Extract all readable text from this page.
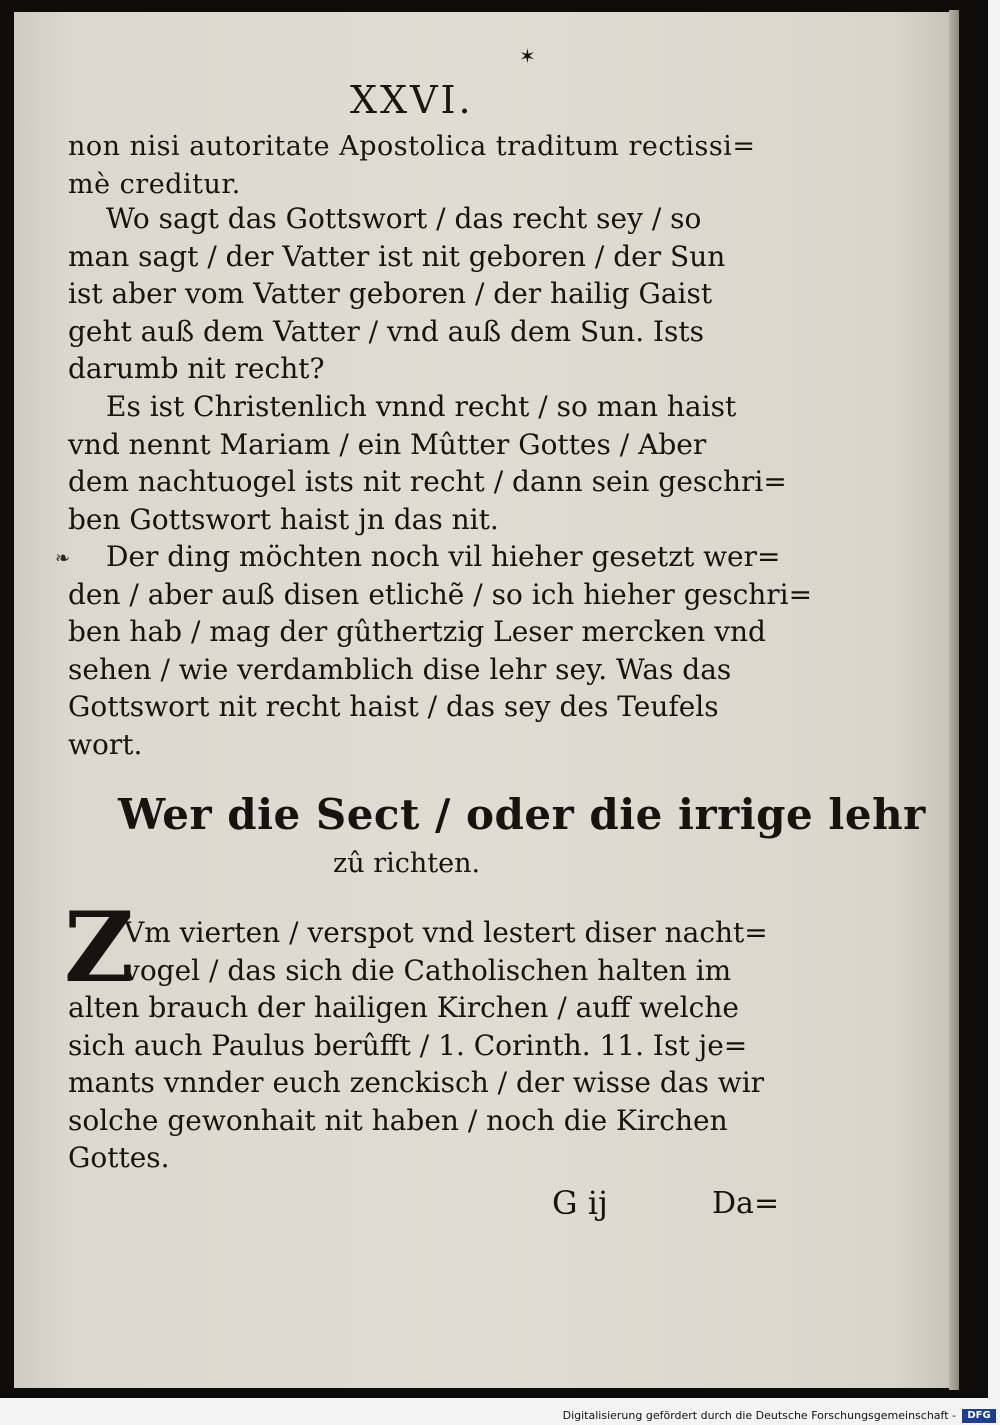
✶
XXVI.
non nisi autoritate Apostolica traditum rectissi=
mè creditur.
Wo sagt das Gottswort / das recht sey / so
man sagt / der Vatter ist nit geboren / der Sun
ist aber vom Vatter geboren / der hailig Gaist
geht auß dem Vatter / vnd auß dem Sun. Ists
darumb nit recht?
Es ist Christenlich vnnd recht / so man haist
vnd nennt Mariam / ein Mûtter Gottes / Aber
dem nachtuogel ists nit recht / dann sein geschri=
ben Gottswort haist jn das nit.
❧	Der ding möchten noch vil hieher gesetzt wer=
den / aber auß disen etlichẽ / so ich hieher geschri=
ben hab / mag der gûthertzig Leser mercken vnd
sehen / wie verdamblich dise lehr sey. Was das
Gottswort nit recht haist / das sey des Teufels
wort.
Wer die Sect / oder die irrige lehr
zû richten.
Z
Vm vierten / verspot vnd lestert diser nacht=
vogel / das sich die Catholischen halten im
alten brauch der hailigen Kirchen / auff welche
sich auch Paulus berûfft / 1. Corinth. 11. Ist je=
mants vnnder euch zenckisch / der wisse das wir
solche gewonhait nit haben / noch die Kirchen
Gottes.
G ij	Da=
Digitalisierung gefördert durch die Deutsche Forschungsgemeinschaft -	DFG
